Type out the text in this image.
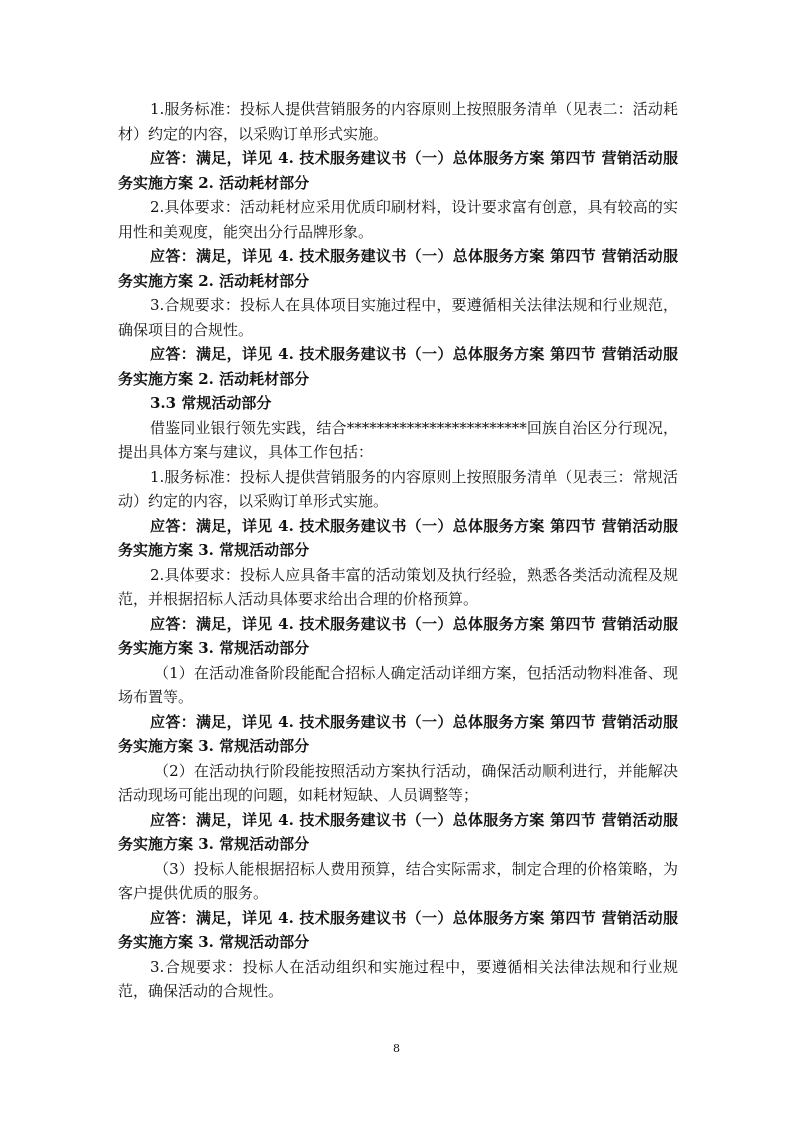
1.服务标准：投标人提供营销服务的内容原则上按照服务清单（见表二：活动耗材）约定的内容，以采购订单形式实施。

应答：满足，详见 4. 技术服务建议书（一）总体服务方案 第四节 营销活动服务实施方案 2. 活动耗材部分

2.具体要求：活动耗材应采用优质印刷材料，设计要求富有创意，具有较高的实用性和美观度，能突出分行品牌形象。

应答：满足，详见 4. 技术服务建议书（一）总体服务方案 第四节 营销活动服务实施方案 2. 活动耗材部分

3.合规要求：投标人在具体项目实施过程中，要遵循相关法律法规和行业规范，确保项目的合规性。

应答：满足，详见 4. 技术服务建议书（一）总体服务方案 第四节 营销活动服务实施方案 2. 活动耗材部分

3.3 常规活动部分

借鉴同业银行领先实践，结合************************回族自治区分行现况，提出具体方案与建议，具体工作包括：

1.服务标准：投标人提供营销服务的内容原则上按照服务清单（见表三：常规活动）约定的内容，以采购订单形式实施。

应答：满足，详见 4. 技术服务建议书（一）总体服务方案 第四节 营销活动服务实施方案 3. 常规活动部分

2.具体要求：投标人应具备丰富的活动策划及执行经验，熟悉各类活动流程及规范，并根据招标人活动具体要求给出合理的价格预算。

应答：满足，详见 4. 技术服务建议书（一）总体服务方案 第四节 营销活动服务实施方案 3. 常规活动部分

（1）在活动准备阶段能配合招标人确定活动详细方案，包括活动物料准备、现场布置等。

应答：满足，详见 4. 技术服务建议书（一）总体服务方案 第四节 营销活动服务实施方案 3. 常规活动部分

（2）在活动执行阶段能按照活动方案执行活动，确保活动顺利进行，并能解决活动现场可能出现的问题，如耗材短缺、人员调整等；

应答：满足，详见 4. 技术服务建议书（一）总体服务方案 第四节 营销活动服务实施方案 3. 常规活动部分

（3）投标人能根据招标人费用预算，结合实际需求，制定合理的价格策略，为客户提供优质的服务。

应答：满足，详见 4. 技术服务建议书（一）总体服务方案 第四节 营销活动服务实施方案 3. 常规活动部分

3.合规要求：投标人在活动组织和实施过程中，要遵循相关法律法规和行业规范，确保活动的合规性。

8
